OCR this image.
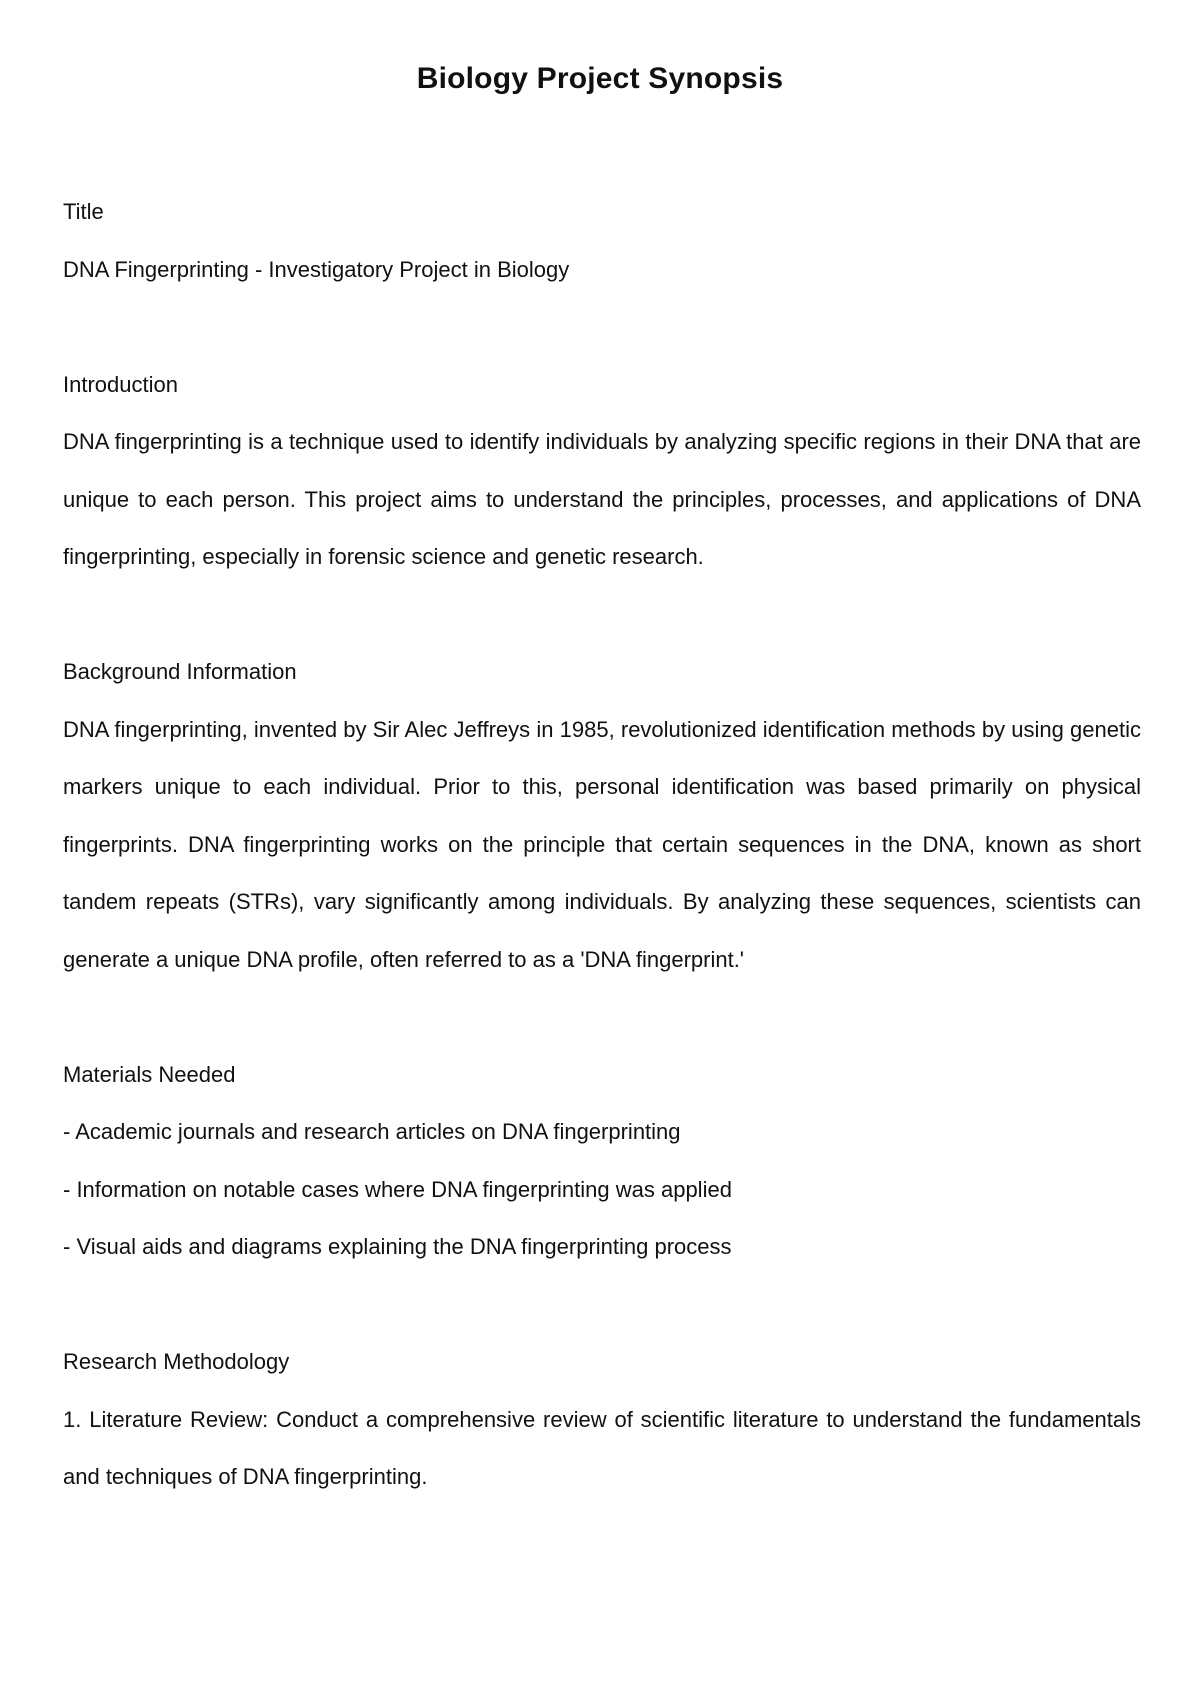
Biology Project Synopsis

Title

DNA Fingerprinting - Investigatory Project in Biology

Introduction

DNA fingerprinting is a technique used to identify individuals by analyzing specific regions in their DNA that are unique to each person. This project aims to understand the principles, processes, and applications of DNA fingerprinting, especially in forensic science and genetic research.

Background Information

DNA fingerprinting, invented by Sir Alec Jeffreys in 1985, revolutionized identification methods by using genetic markers unique to each individual. Prior to this, personal identification was based primarily on physical fingerprints. DNA fingerprinting works on the principle that certain sequences in the DNA, known as short tandem repeats (STRs), vary significantly among individuals. By analyzing these sequences, scientists can generate a unique DNA profile, often referred to as a 'DNA fingerprint.'

Materials Needed

- Academic journals and research articles on DNA fingerprinting

- Information on notable cases where DNA fingerprinting was applied

- Visual aids and diagrams explaining the DNA fingerprinting process

Research Methodology

1. Literature Review: Conduct a comprehensive review of scientific literature to understand the fundamentals and techniques of DNA fingerprinting.
